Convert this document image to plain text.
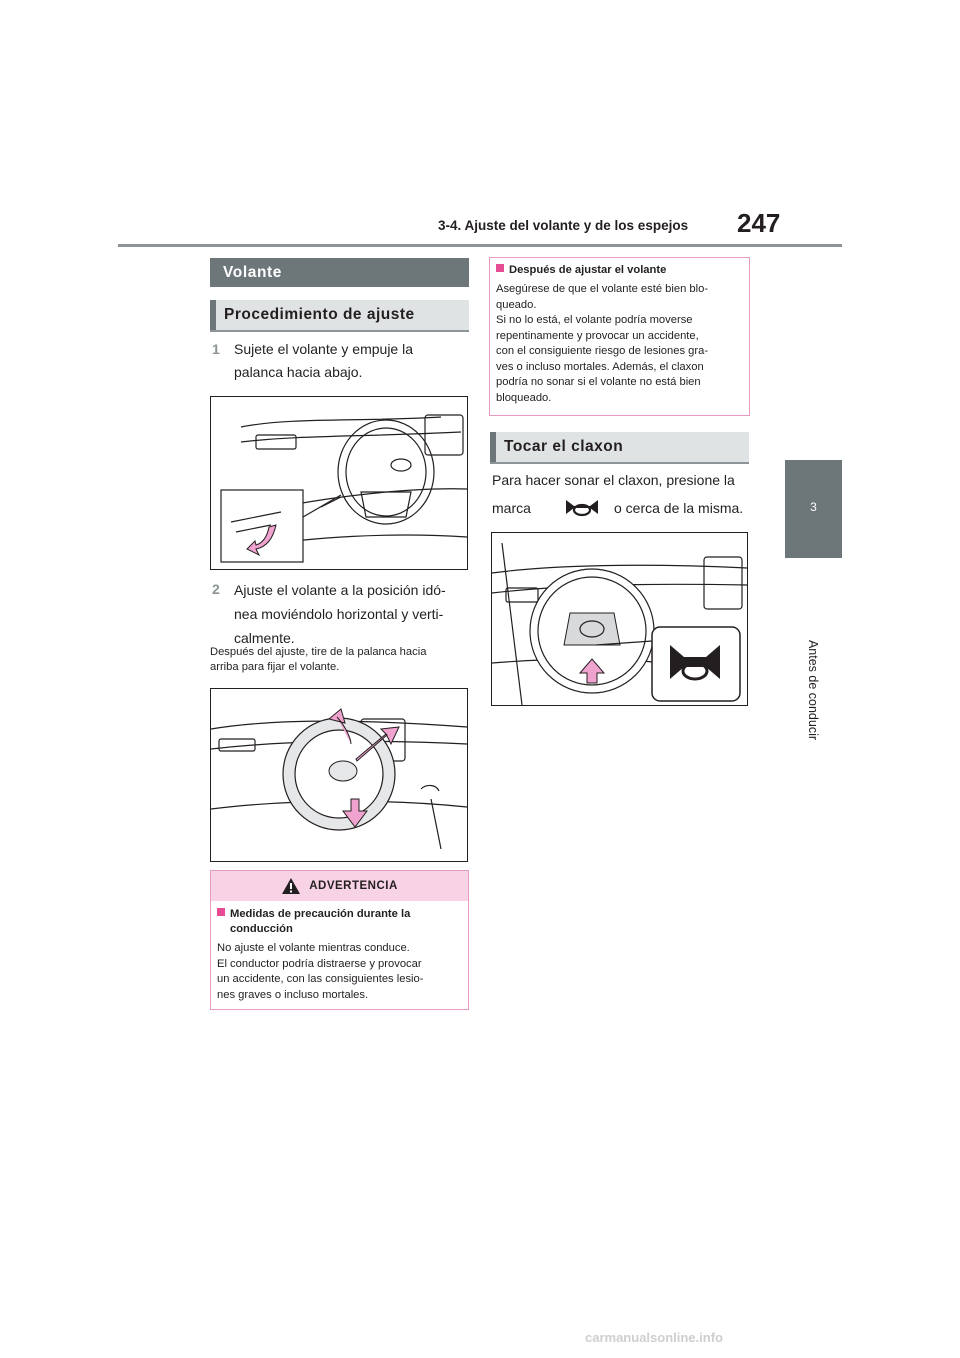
3-4. Ajuste del volante y de los espejos 247
3
Antes de conducir
Volante
Procedimiento de ajuste
1 Sujete el volante y empuje la
palanca hacia abajo.
2 Ajuste el volante a la posición idó-
nea moviéndolo horizontal y verti-
calmente.
Después del ajuste, tire de la palanca hacia
arriba para fijar el volante.
ADVERTENCIA
Medidas de precaución durante la
conducción
No ajuste el volante mientras conduce.
El conductor podría distraerse y provocar
un accidente, con las consiguientes lesio-
nes graves o incluso mortales.
Después de ajustar el volante
Asegúrese de que el volante esté bien blo-
queado.
Si no lo está, el volante podría moverse
repentinamente y provocar un accidente,
con el consiguiente riesgo de lesiones gra-
ves o incluso mortales. Además, el claxon
podría no sonar si el volante no está bien
bloqueado.
Tocar el claxon
Para hacer sonar el claxon, presione la
marca	o cerca de la misma.
carmanualsonline.info
